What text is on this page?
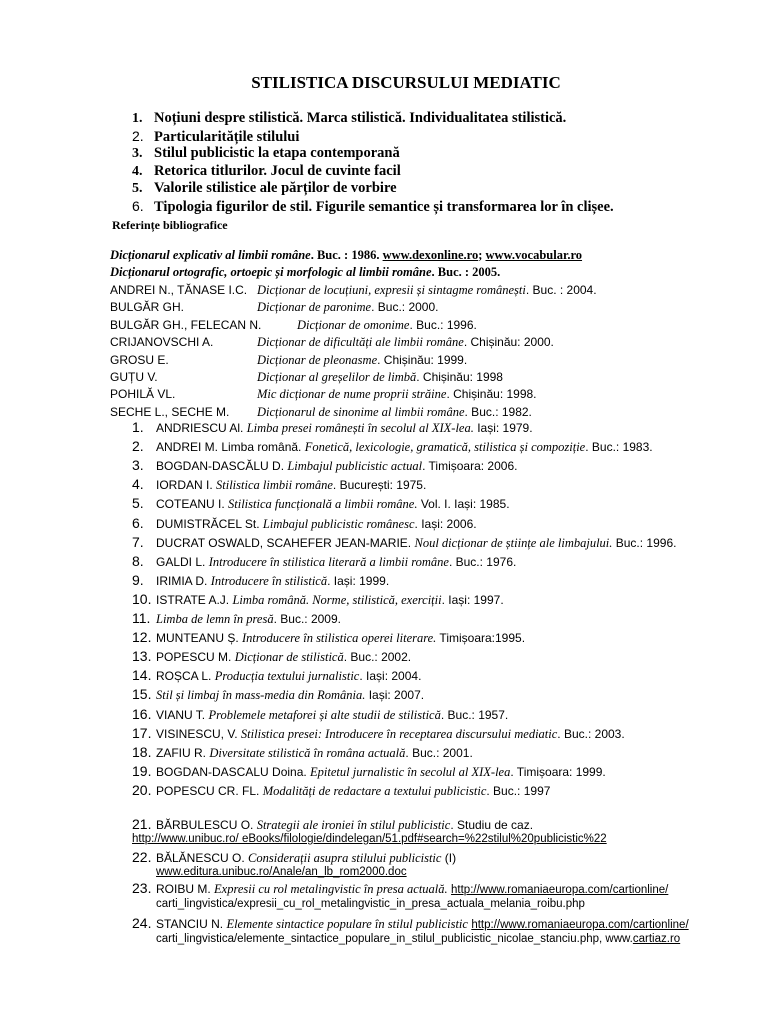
STILISTICA DISCURSULUI MEDIATIC
1. Noțiuni despre stilistică. Marca stilistică. Individualitatea stilistică.
2. Particularitățile stilului
3. Stilul publicistic la etapa contemporană
4. Retorica titlurilor. Jocul de cuvinte facil
5. Valorile stilistice ale părților de vorbire
6. Tipologia figurilor de stil. Figurile semantice și transformarea lor în clișee.
Referințe bibliografice
Dicționarul explicativ al limbii române. Buc. : 1986. www.dexonline.ro; www.vocabular.ro
Dicționarul ortografic, ortoepic și morfologic al limbii române. Buc. : 2005.
ANDREI N., TĂNASE I.C. Dicționar de locuțiuni, expresii și sintagme românești. Buc. : 2004.
BULGĂR GH.	Dicționar de paronime. Buc.: 2000.
BULGĂR GH., FELECAN N.	Dicționar de omonime. Buc.: 1996.
CRIJANOVSCHI A.	Dicționar de dificultăți ale limbii române. Chișinău: 2000.
GROSU E.	Dicționar de pleonasme. Chișinău: 1999.
GUȚU V.	Dicționar al greșelilor de limbă. Chișinău: 1998
POHILĂ VL.	Mic dicționar de nume proprii străine. Chișinău: 1998.
SECHE L., SECHE M. Dicționarul de sinonime al limbii române. Buc.: 1982.
1. ANDRIESCU Al. Limba presei românești în secolul al XIX-lea. Iași: 1979.
2. ANDREI M. Limba română. Fonetică, lexicologie, gramatică, stilistica și compoziție. Buc.: 1983.
3. BOGDAN-DASCĂLU D. Limbajul publicistic actual. Timișoara: 2006.
4. IORDAN I. Stilistica limbii române. București: 1975.
5. COTEANU I. Stilistica funcțională a limbii române. Vol. I. Iași: 1985.
6. DUMISTRĂCEL St. Limbajul publicistic românesc. Iași: 2006.
7. DUCRAT OSWALD, SCAHEFER JEAN-MARIE. Noul dicționar de științe ale limbajului. Buc.: 1996.
8. GALDI L. Introducere în stilistica literară a limbii române. Buc.: 1976.
9. IRIMIA D. Introducere în stilistică. Iași: 1999.
10. ISTRATE A.J. Limba română. Norme, stilistică, exerciții. Iași: 1997.
11. Limba de lemn în presă. Buc.: 2009.
12. MUNTEANU Ș. Introducere în stilistica operei literare. Timișoara:1995.
13. POPESCU M. Dicționar de stilistică. Buc.: 2002.
14. ROȘCA L. Producția textului jurnalistic. Iași: 2004.
15. Stil și limbaj în mass-media din România. Iași: 2007.
16. VIANU T. Problemele metaforei și alte studii de stilistică. Buc.: 1957.
17. VISINESCU, V. Stilistica presei: Introducere în receptarea discursului mediatic. Buc.: 2003.
18. ZAFIU R. Diversitate stilistică în româna actuală. Buc.: 2001.
19. BOGDAN-DASCALU Doina. Epitetul jurnalistic în secolul al XIX-lea. Timișoara: 1999.
20. POPESCU CR. FL. Modalități de redactare a textului publicistic. Buc.: 1997
21. BĂRBULESCU O. Strategii ale ironiei în stilul publicistic. Studiu de caz.
http://www.unibuc.ro/ eBooks/filologie/dindelegan/51.pdf#search=%22stilul%20publicistic%22
22. BĂLĂNESCU O. Considerații asupra stilului publicistic (I)
www.editura.unibuc.ro/Anale/an_lb_rom2000.doc
23. ROIBU M. Expresii cu rol metalingvistic în presa actuală. http://www.romaniaeuropa.com/cartionline/
carti_lingvistica/expresii_cu_rol_metalingvistic_in_presa_actuala_melania_roibu.php
24. STANCIU N. Elemente sintactice populare în stilul publicistic http://www.romaniaeuropa.com/cartionline/
carti_lingvistica/elemente_sintactice_populare_in_stilul_publicistic_nicolae_stanciu.php, www.cartiaz.ro
